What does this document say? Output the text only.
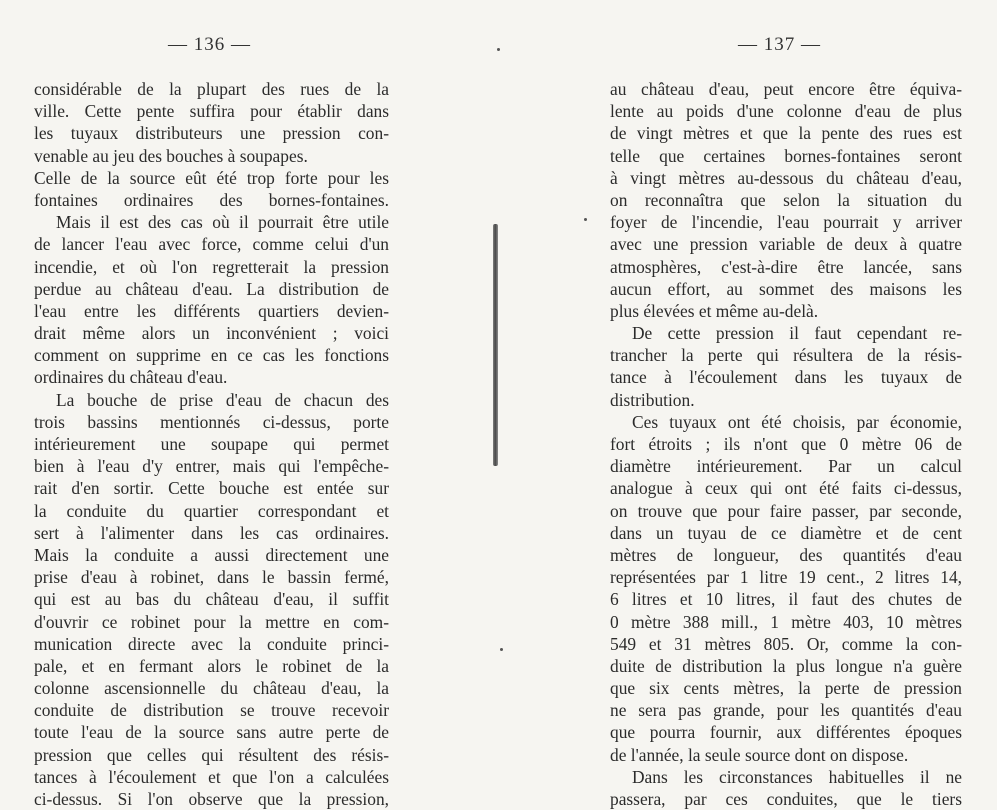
— 136 —
considérable de la plupart des rues de la
ville. Cette pente suffira pour établir dans
les tuyaux distributeurs une pression con-
venable au jeu des bouches à soupapes.
Celle de la source eût été trop forte pour les
fontaines ordinaires des bornes-fontaines.
Mais il est des cas où il pourrait être utile
de lancer l'eau avec force, comme celui d'un
incendie, et où l'on regretterait la pression
perdue au château d'eau. La distribution de
l'eau entre les différents quartiers devien-
drait même alors un inconvénient ; voici
comment on supprime en ce cas les fonctions
ordinaires du château d'eau.
La bouche de prise d'eau de chacun des
trois bassins mentionnés ci-dessus, porte
intérieurement une soupape qui permet
bien à l'eau d'y entrer, mais qui l'empêche-
rait d'en sortir. Cette bouche est entée sur
la conduite du quartier correspondant et
sert à l'alimenter dans les cas ordinaires.
Mais la conduite a aussi directement une
prise d'eau à robinet, dans le bassin fermé,
qui est au bas du château d'eau, il suffit
d'ouvrir ce robinet pour la mettre en com-
munication directe avec la conduite princi-
pale, et en fermant alors le robinet de la
colonne ascensionnelle du château d'eau, la
conduite de distribution se trouve recevoir
toute l'eau de la source sans autre perte de
pression que celles qui résultent des résis-
tances à l'écoulement et que l'on a calculées
ci-dessus. Si l'on observe que la pression,
— 137 —
au château d'eau, peut encore être équiva-
lente au poids d'une colonne d'eau de plus
de vingt mètres et que la pente des rues est
telle que certaines bornes-fontaines seront
à vingt mètres au-dessous du château d'eau,
on reconnaîtra que selon la situation du
foyer de l'incendie, l'eau pourrait y arriver
avec une pression variable de deux à quatre
atmosphères, c'est-à-dire être lancée, sans
aucun effort, au sommet des maisons les
plus élevées et même au-delà.
De cette pression il faut cependant re-
trancher la perte qui résultera de la résis-
tance à l'écoulement dans les tuyaux de
distribution.
Ces tuyaux ont été choisis, par économie,
fort étroits ; ils n'ont que 0 mètre 06 de
diamètre intérieurement. Par un calcul
analogue à ceux qui ont été faits ci-dessus,
on trouve que pour faire passer, par seconde,
dans un tuyau de ce diamètre et de cent
mètres de longueur, des quantités d'eau
représentées par 1 litre 19 cent., 2 litres 14,
6 litres et 10 litres, il faut des chutes de
0 mètre 388 mill., 1 mètre 403, 10 mètres
549 et 31 mètres 805. Or, comme la con-
duite de distribution la plus longue n'a guère
que six cents mètres, la perte de pression
ne sera pas grande, pour les quantités d'eau
que pourra fournir, aux différentes époques
de l'année, la seule source dont on dispose.
Dans les circonstances habituelles il ne
passera, par ces conduites, que le tiers
